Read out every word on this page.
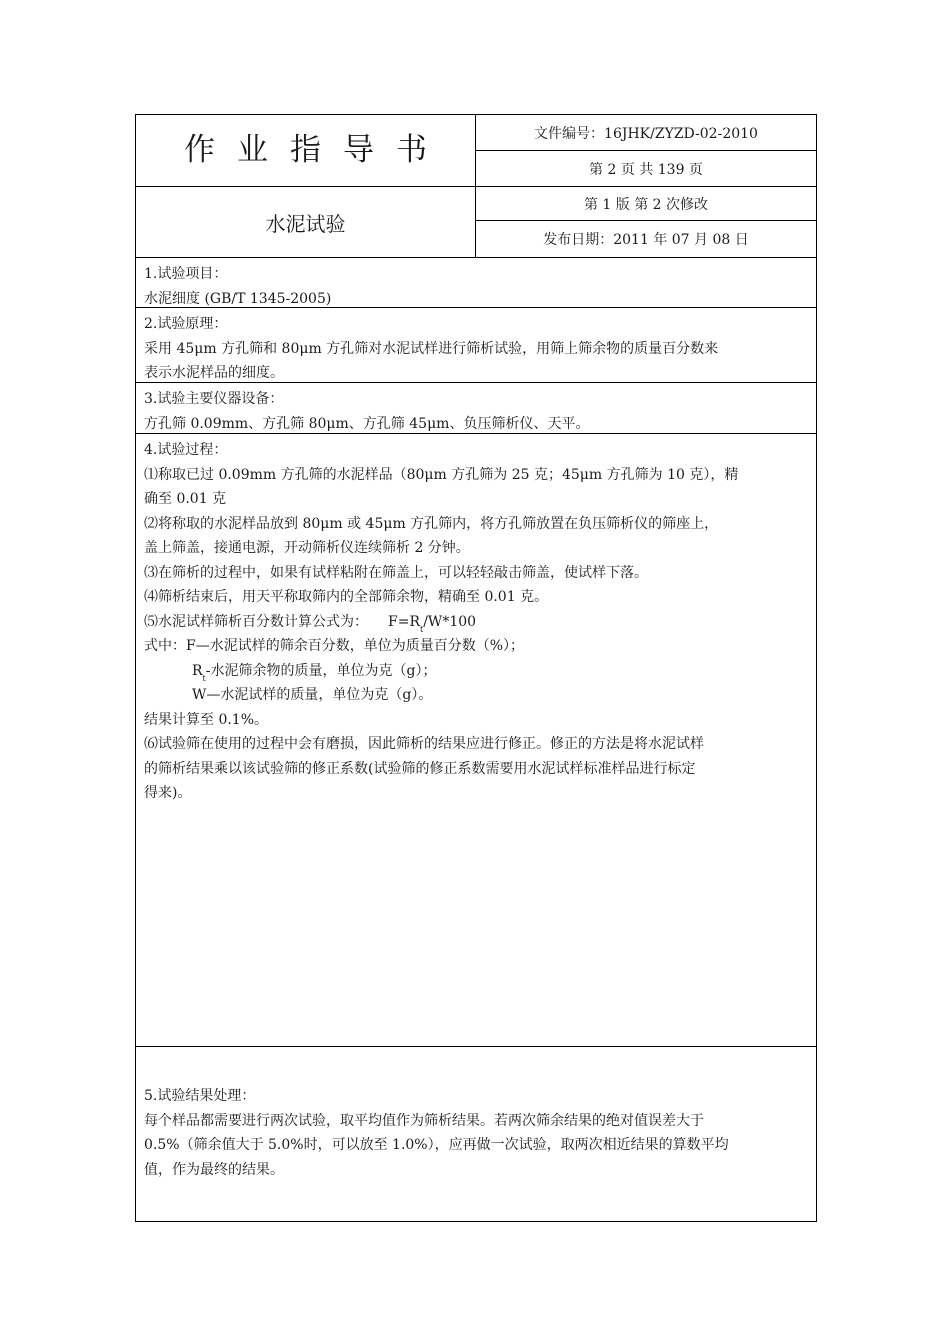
作业指导书
水泥试验
文件编号：16JHK/ZYZD-02-2010
第 2 页 共 139 页
第 1 版 第 2 次修改
发布日期：2011 年 07 月 08 日

1.试验项目：

水泥细度 (GB/T 1345-2005)

2.试验原理：

采用 45μm 方孔筛和 80μm 方孔筛对水泥试样进行筛析试验，用筛上筛余物的质量百分数来

表示水泥样品的细度。

3.试验主要仪器设备：

方孔筛 0.09mm、方孔筛 80μm、方孔筛 45μm、负压筛析仪、天平。

4.试验过程：

⑴称取已过 0.09mm 方孔筛的水泥样品（80μm 方孔筛为 25 克；45μm 方孔筛为 10 克），精

确至 0.01 克

⑵将称取的水泥样品放到 80μm 或 45μm 方孔筛内，将方孔筛放置在负压筛析仪的筛座上，

盖上筛盖，接通电源，开动筛析仪连续筛析 2 分钟。

⑶在筛析的过程中，如果有试样粘附在筛盖上，可以轻轻敲击筛盖，使试样下落。

⑷筛析结束后，用天平称取筛内的全部筛余物，精确至 0.01 克。

⑸水泥试样筛析百分数计算公式为： $F=R_t/W*100$

式中：F—水泥试样的筛余百分数，单位为质量百分数（%）；

$R_t-$水泥筛余物的质量，单位为克（g）；

W—水泥试样的质量，单位为克（g）。

结果计算至 0.1%。

⑹试验筛在使用的过程中会有磨损，因此筛析的结果应进行修正。修正的方法是将水泥试样

的筛析结果乘以该试验筛的修正系数(试验筛的修正系数需要用水泥试样标准样品进行标定

得来)。

5.试验结果处理：

每个样品都需要进行两次试验，取平均值作为筛析结果。若两次筛余结果的绝对值误差大于

0.5%（筛余值大于 5.0%时，可以放至 1.0%），应再做一次试验，取两次相近结果的算数平均

值，作为最终的结果。
